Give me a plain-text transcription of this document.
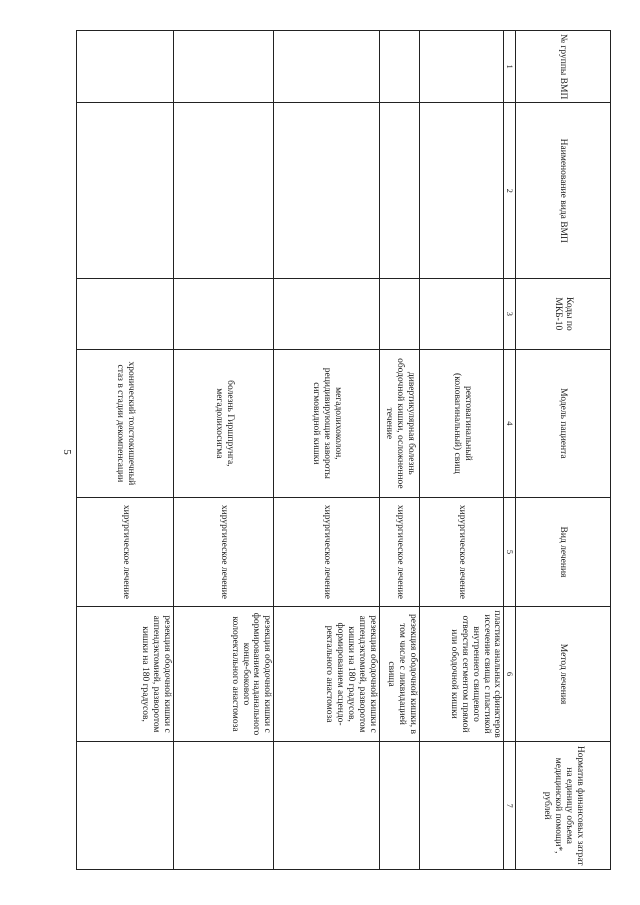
5
№ группы ВМП	Наименование вида ВМП	Коды по МКБ-10	Модель пациента	Вид лечения	Метод лечения	Норматив финансовых затрат на единицу объема медицинской помощи*, рублей
1	2	3	4	5	6	7
			ректовагинальный (коловагинальный) свищ	хирургическое лечение	пластика анальных сфинктеров
иссечение свища с пластикой внутреннего свищевого отверстия сегментом прямой или ободочной кишки	

			дивертикулярная болезнь ободочной кишки, осложненное течение	хирургическое лечение	резекция ободочной кишки, в том числе с ликвидацией свища	

			мегадолихоколон, рецидивирующие завороты сигмовидной кишки	хирургическое лечение	резекция ободочной кишки с аппендэктомией, разворотом кишки на 180 градусов, формированием асцендо-ректального анастомоза	

			болезнь Гиршпрунга, мегадолихосигма	хирургическое лечение	резекция ободочной кишки с формированием наданального конце-бокового колоректального анастомоза	

			хронический толстокишечный стаз в стадии декомпенсации	хирургическое лечение	резекция ободочной кишки с аппендэктомией, разворотом кишки на 180 градусов,	
